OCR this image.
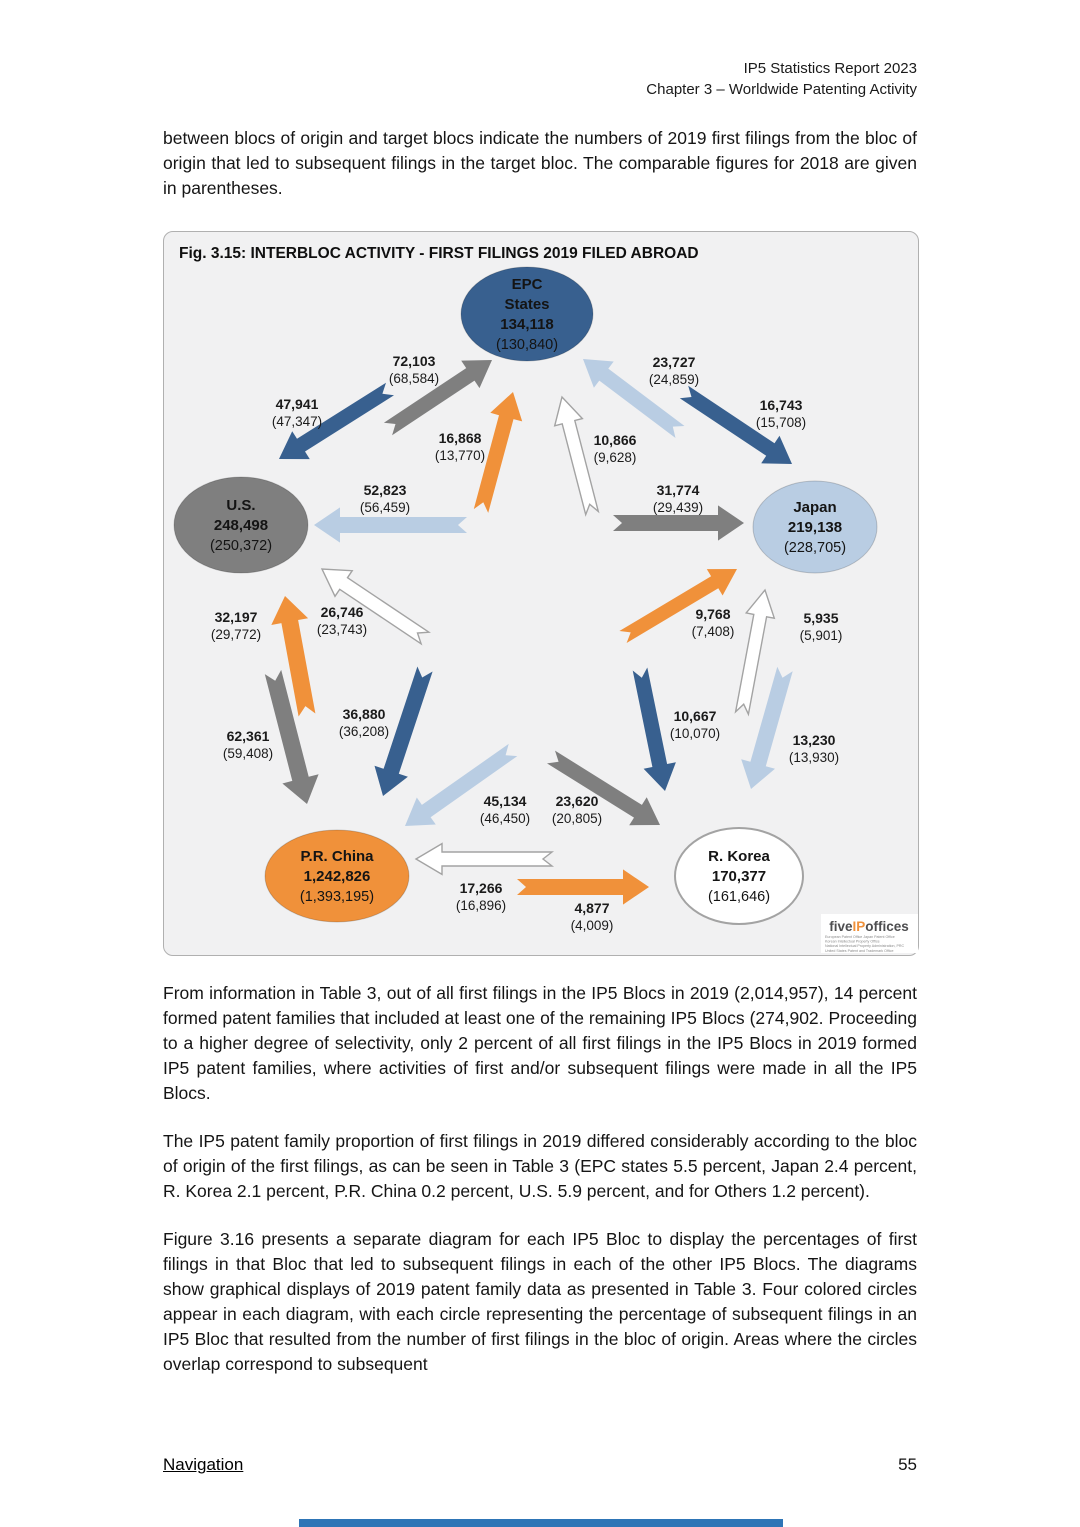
IP5 Statistics Report 2023
Chapter 3 – Worldwide Patenting Activity

between blocs of origin and target blocs indicate the numbers of 2019 first filings from the bloc of origin that led to subsequent filings in the target bloc. The comparable figures for 2018 are given in parentheses.

Fig. 3.15: INTERBLOC ACTIVITY - FIRST FILINGS 2019 FILED ABROAD
EPC
States
134,118
(130,840)
U.S.
248,498
(250,372)
Japan
219,138
(228,705)
P.R. China
1,242,826
(1,393,195)
R. Korea
170,377
(161,646)
72,103
(68,584)
47,941
(47,347)
23,727
(24,859)
16,743
(15,708)
16,868
(13,770)
10,866
(9,628)
52,823
(56,459)
31,774
(29,439)
32,197
(29,772)
26,746
(23,743)
9,768
(7,408)
5,935
(5,901)
62,361
(59,408)
36,880
(36,208)
10,667
(10,070)	13,230
(13,930)
45,134
(46,450)
23,620
(20,805)
17,266
(16,896)	4,877
(4,009)	fiveIPoffices
European Patent Office Japan Patent Office
Korean Intellectual Property Office
National Intellectual Property Administration, PRC
United States Patent and Trademark Office

From information in Table 3, out of all first filings in the IP5 Blocs in 2019 (2,014,957), 14 percent formed patent families that included at least one of the remaining IP5 Blocs (274,902. Proceeding to a higher degree of selectivity, only 2 percent of all first filings in the IP5 Blocs in 2019 formed IP5 patent families, where activities of first and/or subsequent filings were made in all the IP5 Blocs.

The IP5 patent family proportion of first filings in 2019 differed considerably according to the bloc of origin of the first filings, as can be seen in Table 3 (EPC states 5.5 percent, Japan 2.4 percent, R. Korea 2.1 percent, P.R. China 0.2 percent, U.S. 5.9 percent, and for Others 1.2 percent).

Figure 3.16 presents a separate diagram for each IP5 Bloc to display the percentages of first filings in that Bloc that led to subsequent filings in each of the other IP5 Blocs. The diagrams show graphical displays of 2019 patent family data as presented in Table 3. Four colored circles appear in each diagram, with each circle representing the percentage of subsequent filings in an IP5 Bloc that resulted from the number of first filings in the bloc of origin. Areas where the circles overlap correspond to subsequent

Navigation	55
